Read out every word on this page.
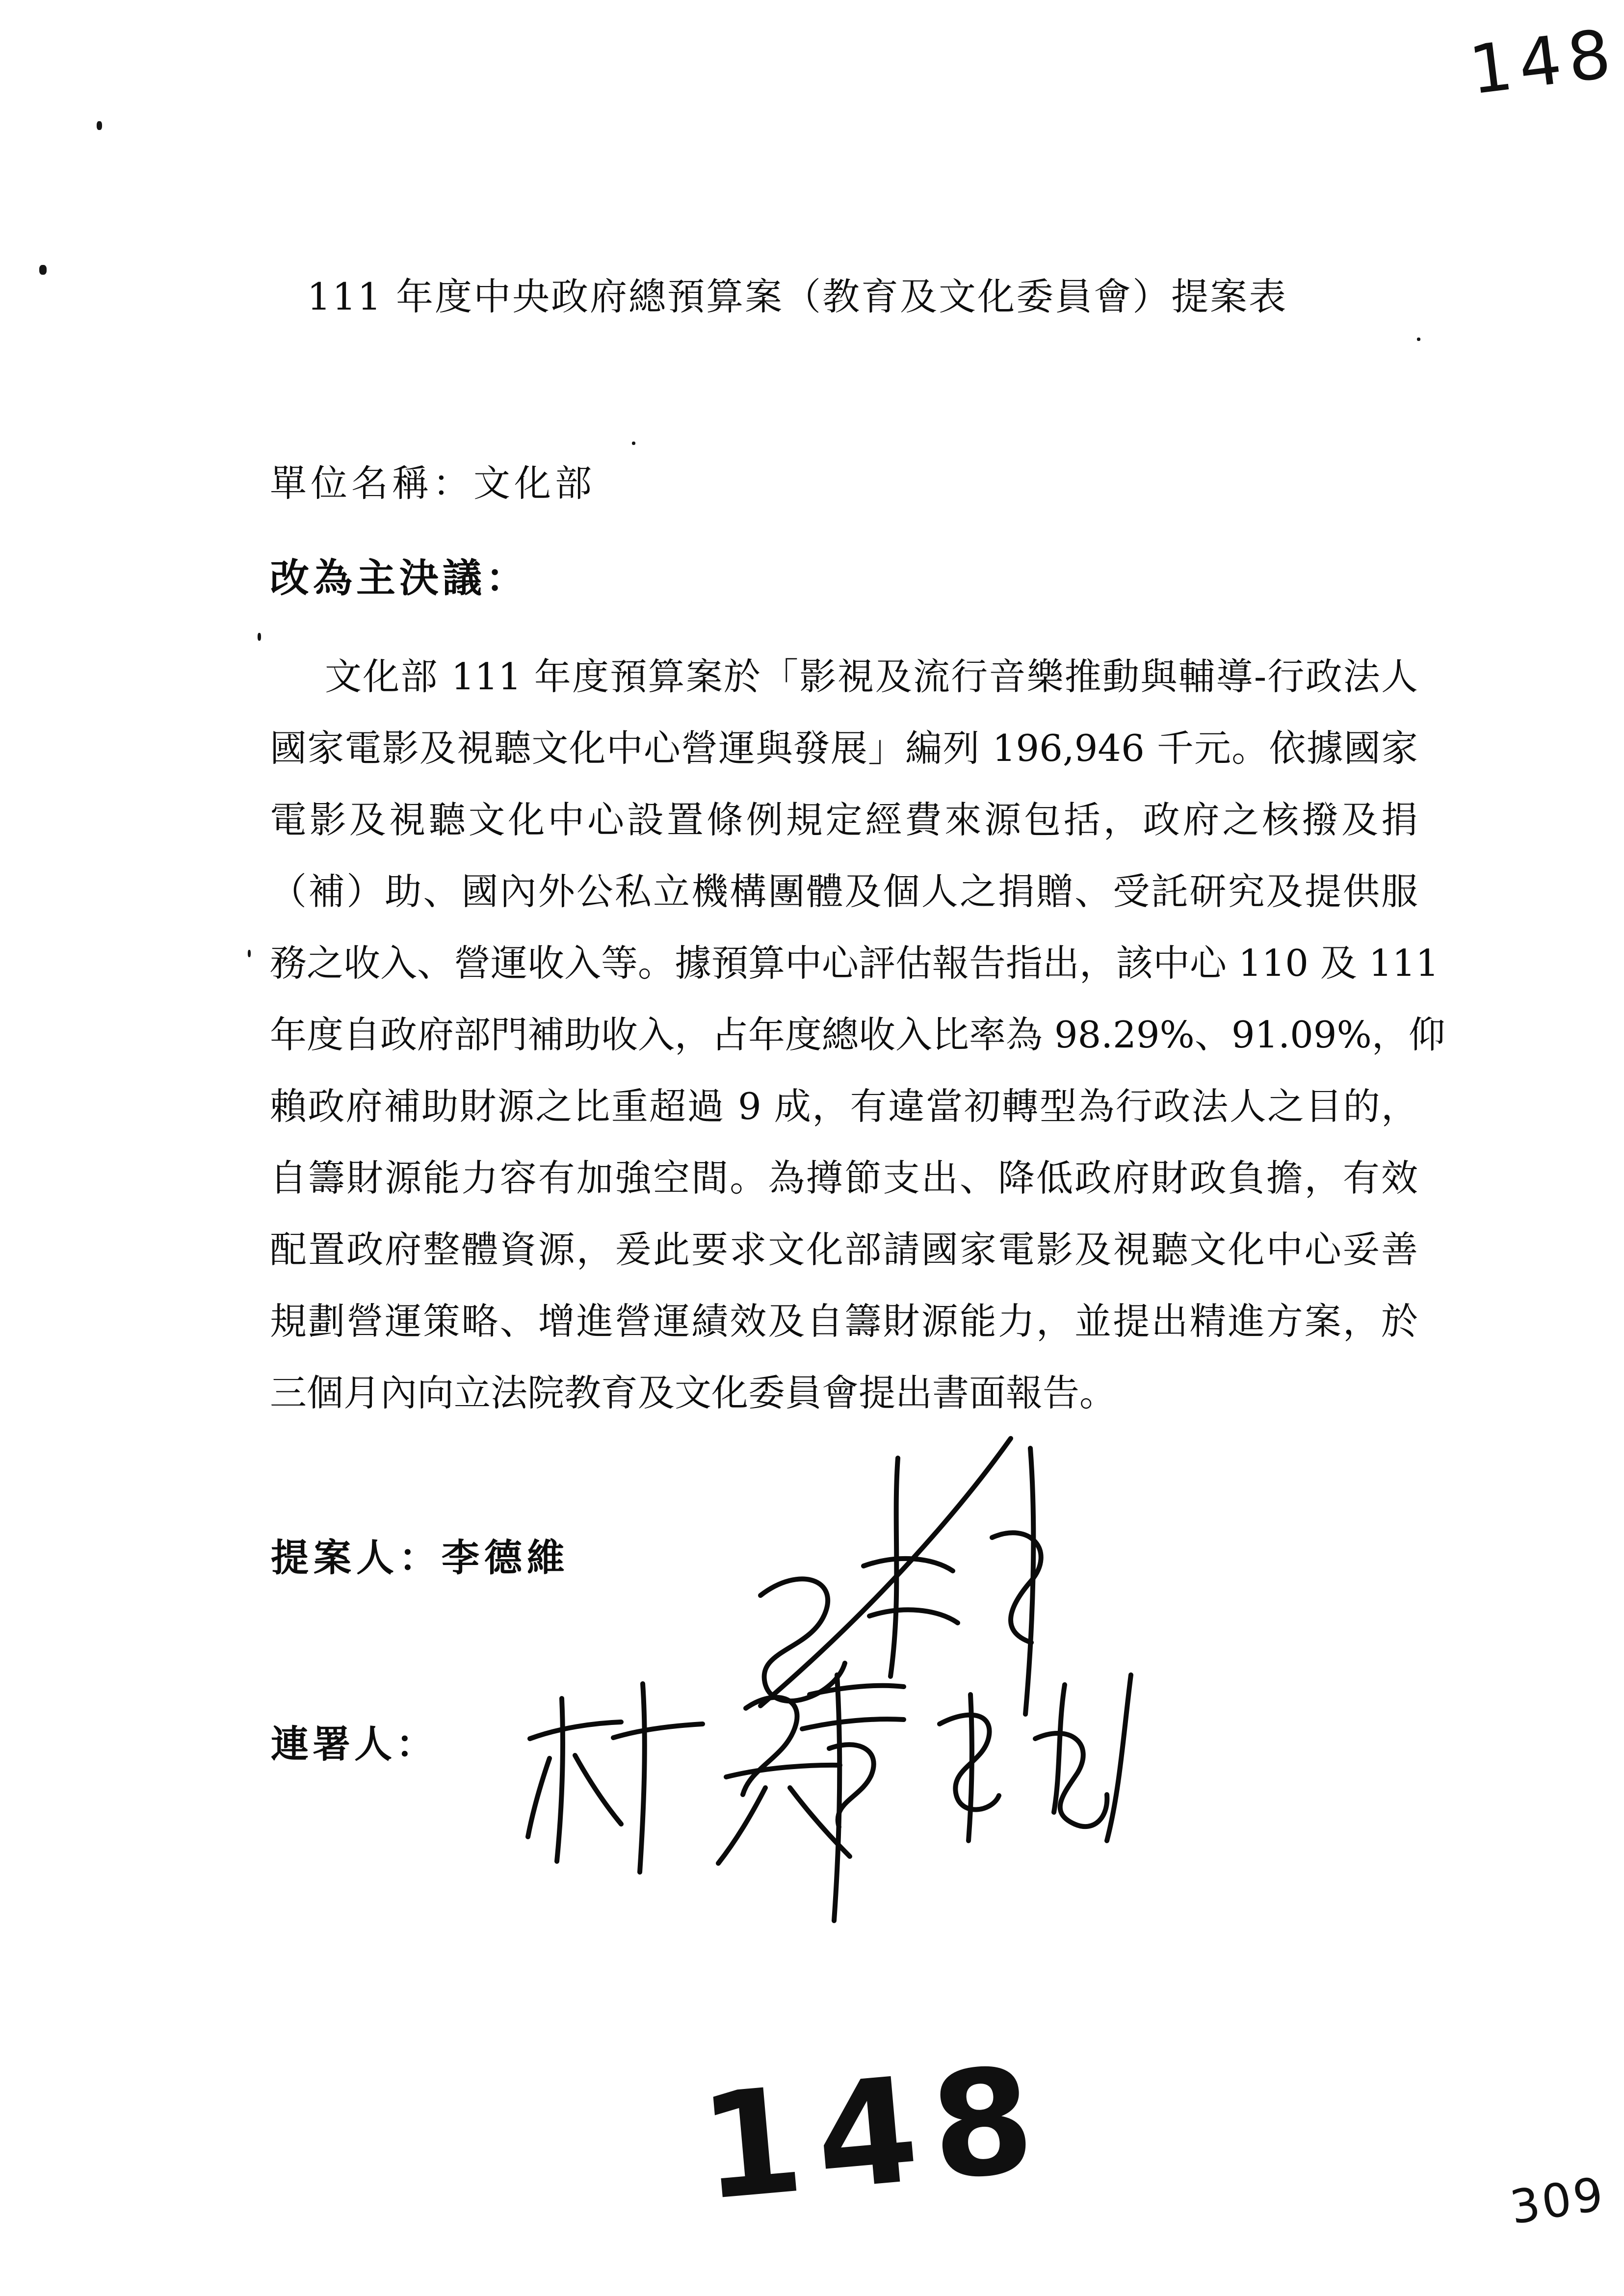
148
111 年度中央政府總預算案（教育及文化委員會）提案表
單位名稱：文化部
改為主決議：
文化部 111 年度預算案於「影視及流行音樂推動與輔導-行政法人
國家電影及視聽文化中心營運與發展」編列 196,946 千元。依據國家
電影及視聽文化中心設置條例規定經費來源包括，政府之核撥及捐
（補）助、國內外公私立機構團體及個人之捐贈、受託研究及提供服
務之收入、營運收入等。據預算中心評估報告指出，該中心 110 及 111
年度自政府部門補助收入，占年度總收入比率為 98.29%、91.09%，仰
賴政府補助財源之比重超過 9 成，有違當初轉型為行政法人之目的，
自籌財源能力容有加強空間。為撙節支出、降低政府財政負擔，有效
配置政府整體資源，爰此要求文化部請國家電影及視聽文化中心妥善
規劃營運策略、增進營運績效及自籌財源能力，並提出精進方案，於
三個月內向立法院教育及文化委員會提出書面報告。
提案人：李德維
連署人：
148	309
